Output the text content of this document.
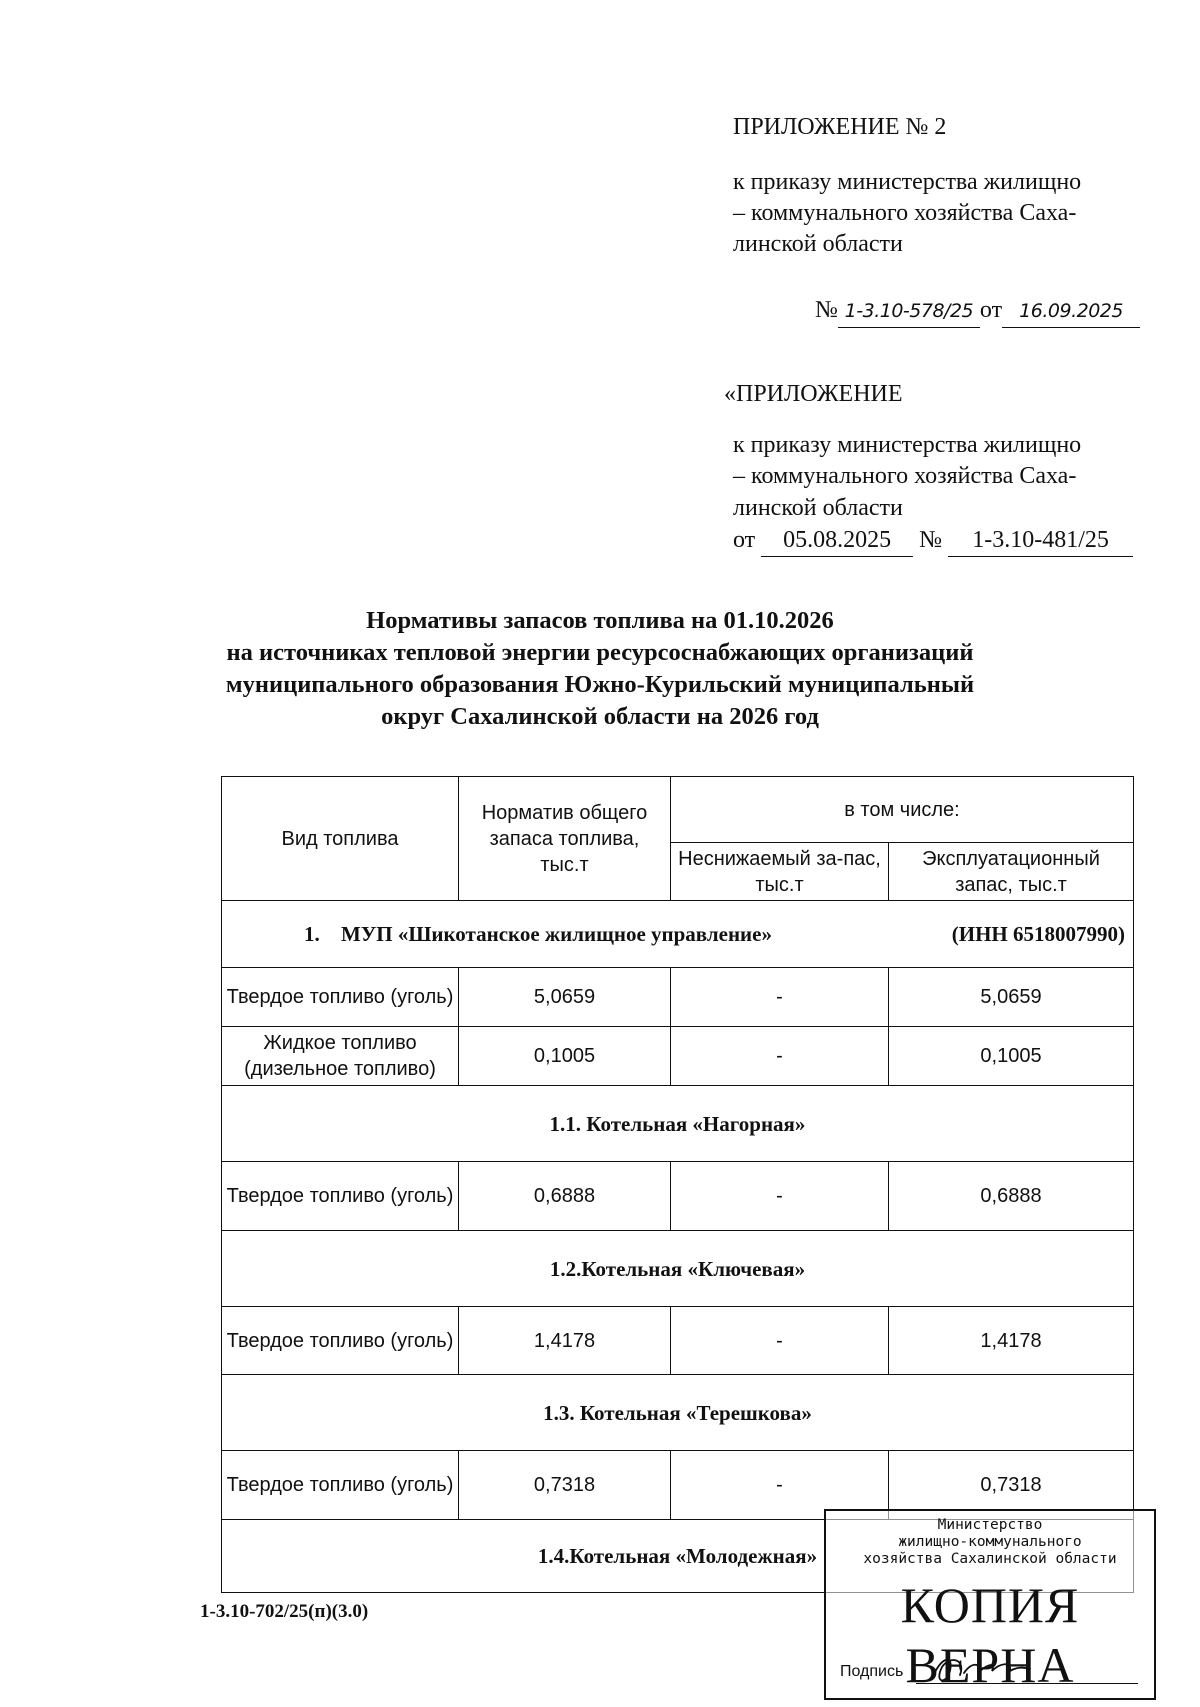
ПРИЛОЖЕНИЕ № 2
к приказу министерства жилищно
– коммунального хозяйства Саха-
линской области
№ 1-3.10-578/25 от 16.09.2025
«ПРИЛОЖЕНИЕ
к приказу министерства жилищно
– коммунального хозяйства Саха-
линской области
от 05.08.2025 № 1-3.10-481/25
Нормативы запасов топлива на 01.10.2026
на источниках тепловой энергии ресурсоснабжающих организаций
муниципального образования Южно-Курильский муниципальный
округ Сахалинской области на 2026 год
Вид топлива	Норматив общего запаса топлива, тыс.т	в том числе:	
		Неснижаемый за-пас, тыс.т	Эксплуатационный запас, тыс.т

1. МУП «Шикотанское жилищное управление» (ИНН 6518007990)			

Твердое топливо (уголь)	5,0659	-	5,0659
Жидкое топливо (дизельное топливо)	0,1005	-	0,1005
1.1. Котельная «Нагорная»			
Твердое топливо (уголь)	0,6888	-	0,6888
1.2.Котельная «Ключевая»			
Твердое топливо (уголь)	1,4178	-	1,4178
1.3. Котельная «Терешкова»			
Твердое топливо (уголь)	0,7318	-	0,7318
1.4.Котельная «Молодежная»			
1-3.10-702/25(п)(3.0)
Министерство
жилищно-коммунального
хозяйства Сахалинской области
КОПИЯ ВЕРНА
Подпись
